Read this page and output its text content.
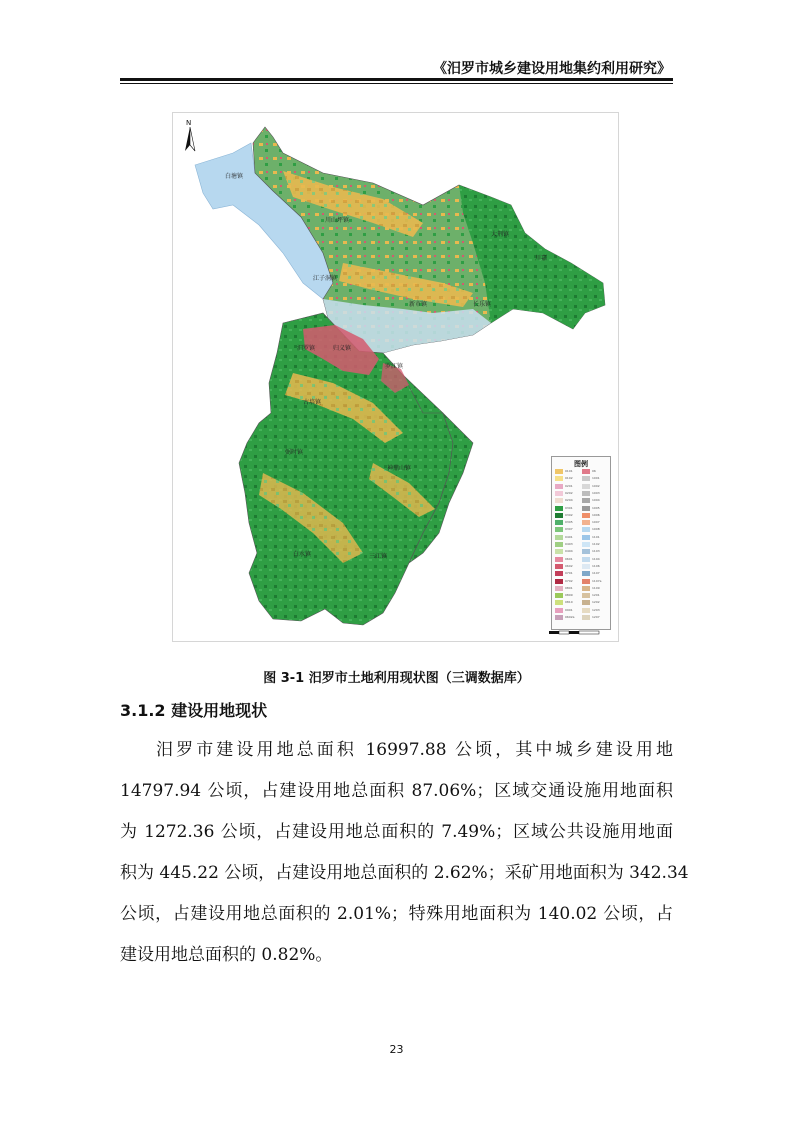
《汨罗市城乡建设用地集约利用研究》
N
白塘镇
川山坪镇
江子洞镇
大荆镇
川嘉
长乐镇
新市镇
汨罗镇	归义镇
罗江镇
古培镇
神鼎山镇
弼时镇
白水镇	三江镇
图例
0101
0102
0201
0202
0204
0301
0302
0305
0307
0401
0403
0404
0601
0602
0701
0702
0801
0809
0810
0901
0602a
06
1001
1002
1003
1004
1005
1006
1007
1008
1101
1102
1103
1104
1106
1107
1107a
1109
1201
1202
1203
1207
图 3-1 汨罗市土地利用现状图（三调数据库）
3.1.2 建设用地现状
汨罗市建设用地总面积 16997.88 公顷，其中城乡建设用地
14797.94 公顷，占建设用地总面积 87.06%；区域交通设施用地面积
为 1272.36 公顷，占建设用地总面积的 7.49%；区域公共设施用地面
积为 445.22 公顷，占建设用地总面积的 2.62%；采矿用地面积为 342.34
公顷，占建设用地总面积的 2.01%；特殊用地面积为 140.02 公顷，占
建设用地总面积的 0.82%。
23
